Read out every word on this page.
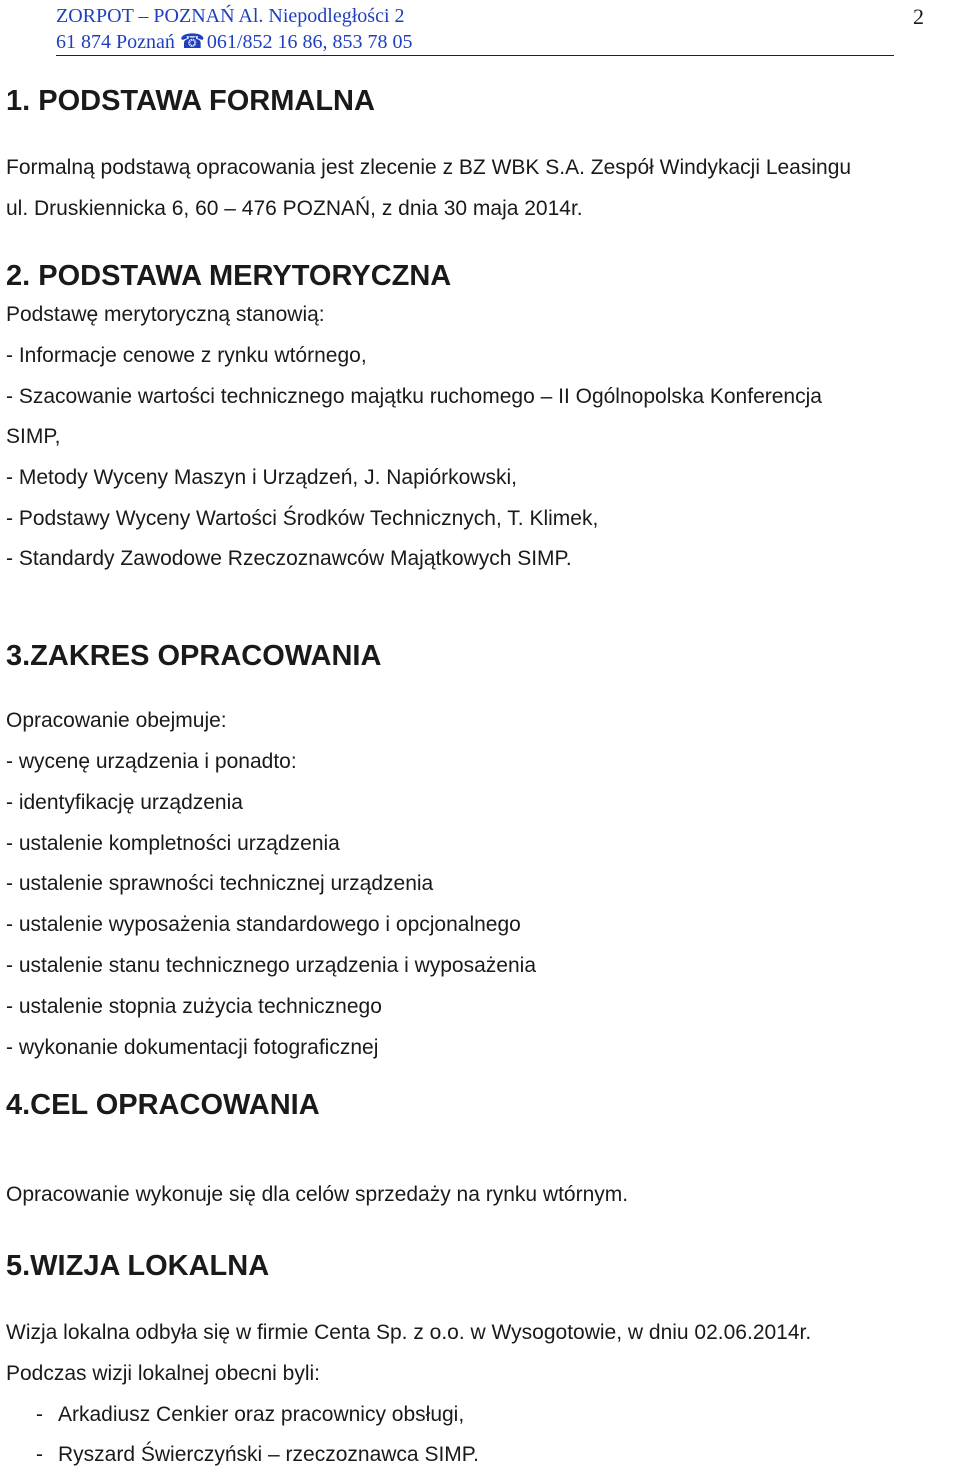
ZORPOT – POZNAŃ Al. Niepodległości 2
61 874 Poznań ☎ 061/852 16 86, 853 78 05
2
1. PODSTAWA FORMALNA
Formalną podstawą opracowania jest zlecenie z BZ WBK S.A. Zespół Windykacji Leasingu
ul. Druskiennicka 6, 60 – 476 POZNAŃ, z dnia 30 maja 2014r.
2. PODSTAWA MERYTORYCZNA
Podstawę merytoryczną stanowią:
- Informacje cenowe z rynku wtórnego,
- Szacowanie wartości technicznego majątku ruchomego – II Ogólnopolska Konferencja
SIMP,
- Metody Wyceny Maszyn i Urządzeń, J. Napiórkowski,
- Podstawy Wyceny Wartości Środków Technicznych, T. Klimek,
- Standardy Zawodowe Rzeczoznawców Majątkowych SIMP.
3.ZAKRES OPRACOWANIA
Opracowanie obejmuje:
- wycenę urządzenia i ponadto:
- identyfikację urządzenia
- ustalenie kompletności urządzenia
- ustalenie sprawności technicznej urządzenia
- ustalenie wyposażenia standardowego i opcjonalnego
- ustalenie stanu technicznego urządzenia i wyposażenia
- ustalenie stopnia zużycia technicznego
- wykonanie dokumentacji fotograficznej
4.CEL OPRACOWANIA
Opracowanie wykonuje się dla celów sprzedaży na rynku wtórnym.
5.WIZJA LOKALNA
Wizja lokalna odbyła się w firmie Centa Sp. z o.o. w Wysogotowie, w dniu 02.06.2014r.
Podczas wizji lokalnej obecni byli:
- Arkadiusz Cenkier oraz pracownicy obsługi,
- Ryszard Świerczyński – rzeczoznawca SIMP.
